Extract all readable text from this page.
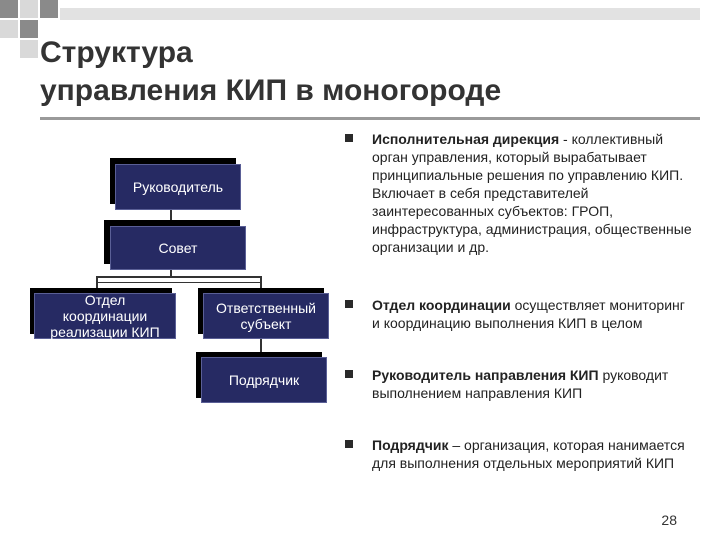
Структура
управления КИП в моногороде
Руководитель
Совет
Отдел координации реализации КИП
Ответственный субъект
Подрядчик
Исполнительная дирекция - коллективный орган управления, который вырабатывает принципиальные решения по управлению КИП. Включает в себя представителей заинтересованных субъектов: ГРОП, инфраструктура, администрация, общественные организации и др.
Отдел координации осуществляет мониторинг и координацию выполнения КИП в целом
Руководитель направления КИП руководит выполнением направления КИП
Подрядчик – организация, которая нанимается для выполнения отдельных мероприятий КИП
28
